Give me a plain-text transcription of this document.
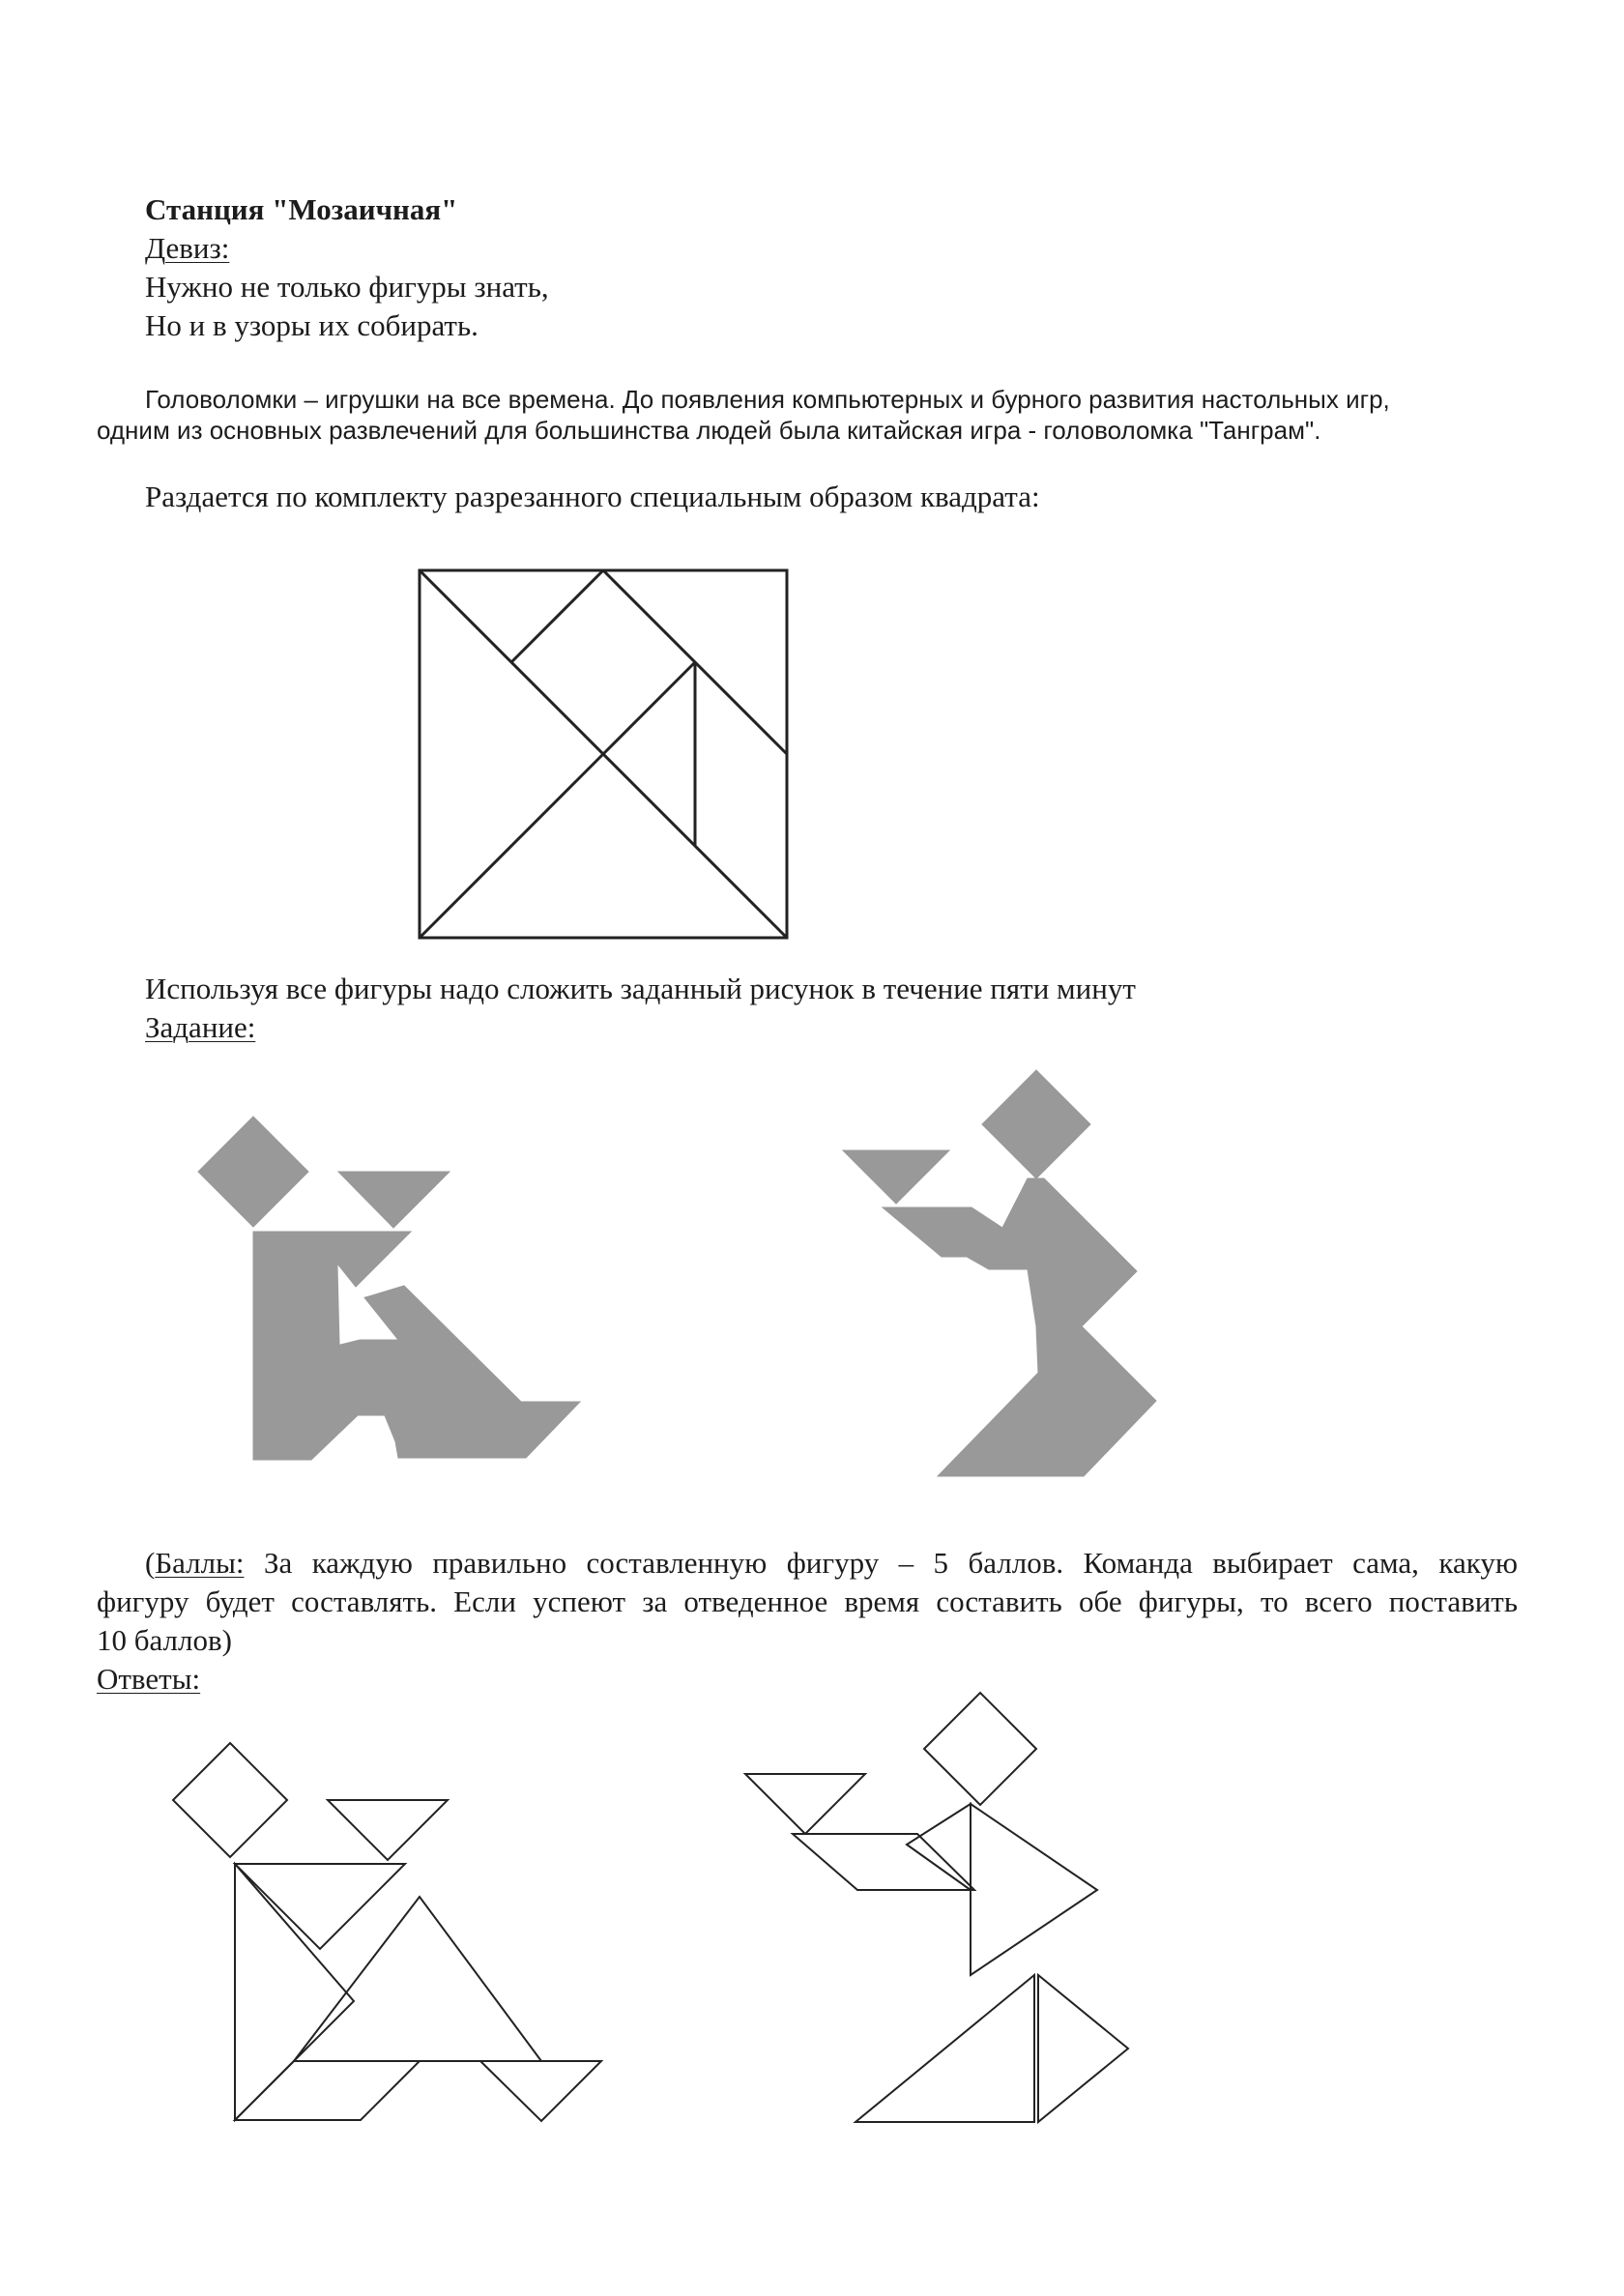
Станция "Мозаичная"
Девиз:
Нужно не только фигуры знать,
Но и в узоры их собирать.
Головоломки – игрушки на все времена. До появления компьютерных и бурного развития настольных игр,
одним из основных развлечений для большинства людей была китайская игра - головоломка "Танграм".
Раздается по комплекту разрезанного специальным образом квадрата:
Используя все фигуры надо сложить заданный рисунок в течение пяти минут
Задание:
(Баллы: За каждую правильно составленную фигуру – 5 баллов. Команда выбирает сама, какую
фигуру будет составлять. Если успеют за отведенное время составить обе фигуры, то всего поставить
10 баллов)
Ответы:
